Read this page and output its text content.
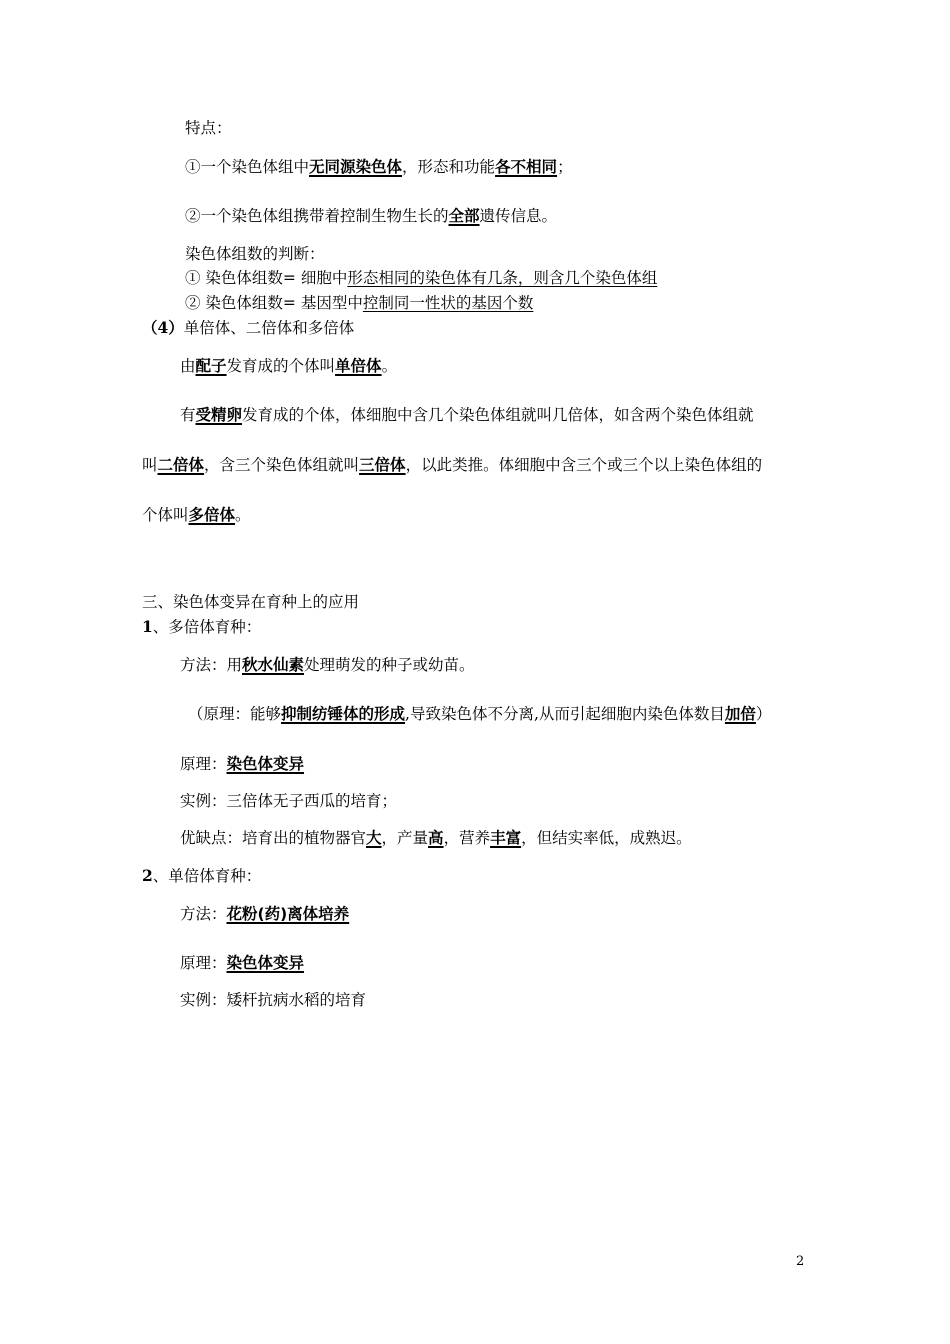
特点：
①一个染色体组中无同源染色体，形态和功能各不相同；
②一个染色体组携带着控制生物生长的全部遗传信息。
染色体组数的判断：
① 染色体组数= 细胞中形态相同的染色体有几条，则含几个染色体组
② 染色体组数= 基因型中控制同一性状的基因个数
（4）单倍体、二倍体和多倍体
由配子发育成的个体叫单倍体。
有受精卵发育成的个体，体细胞中含几个染色体组就叫几倍体，如含两个染色体组就
叫二倍体，含三个染色体组就叫三倍体，以此类推。体细胞中含三个或三个以上染色体组的
个体叫多倍体。
三、染色体变异在育种上的应用
1、多倍体育种：
方法：用秋水仙素处理萌发的种子或幼苗。
（原理：能够抑制纺锤体的形成,导致染色体不分离,从而引起细胞内染色体数目加倍）
原理：染色体变异
实例：三倍体无子西瓜的培育；
优缺点：培育出的植物器官大，产量高，营养丰富，但结实率低，成熟迟。
2、单倍体育种：
方法：花粉(药)离体培养
原理：染色体变异
实例：矮杆抗病水稻的培育
2
